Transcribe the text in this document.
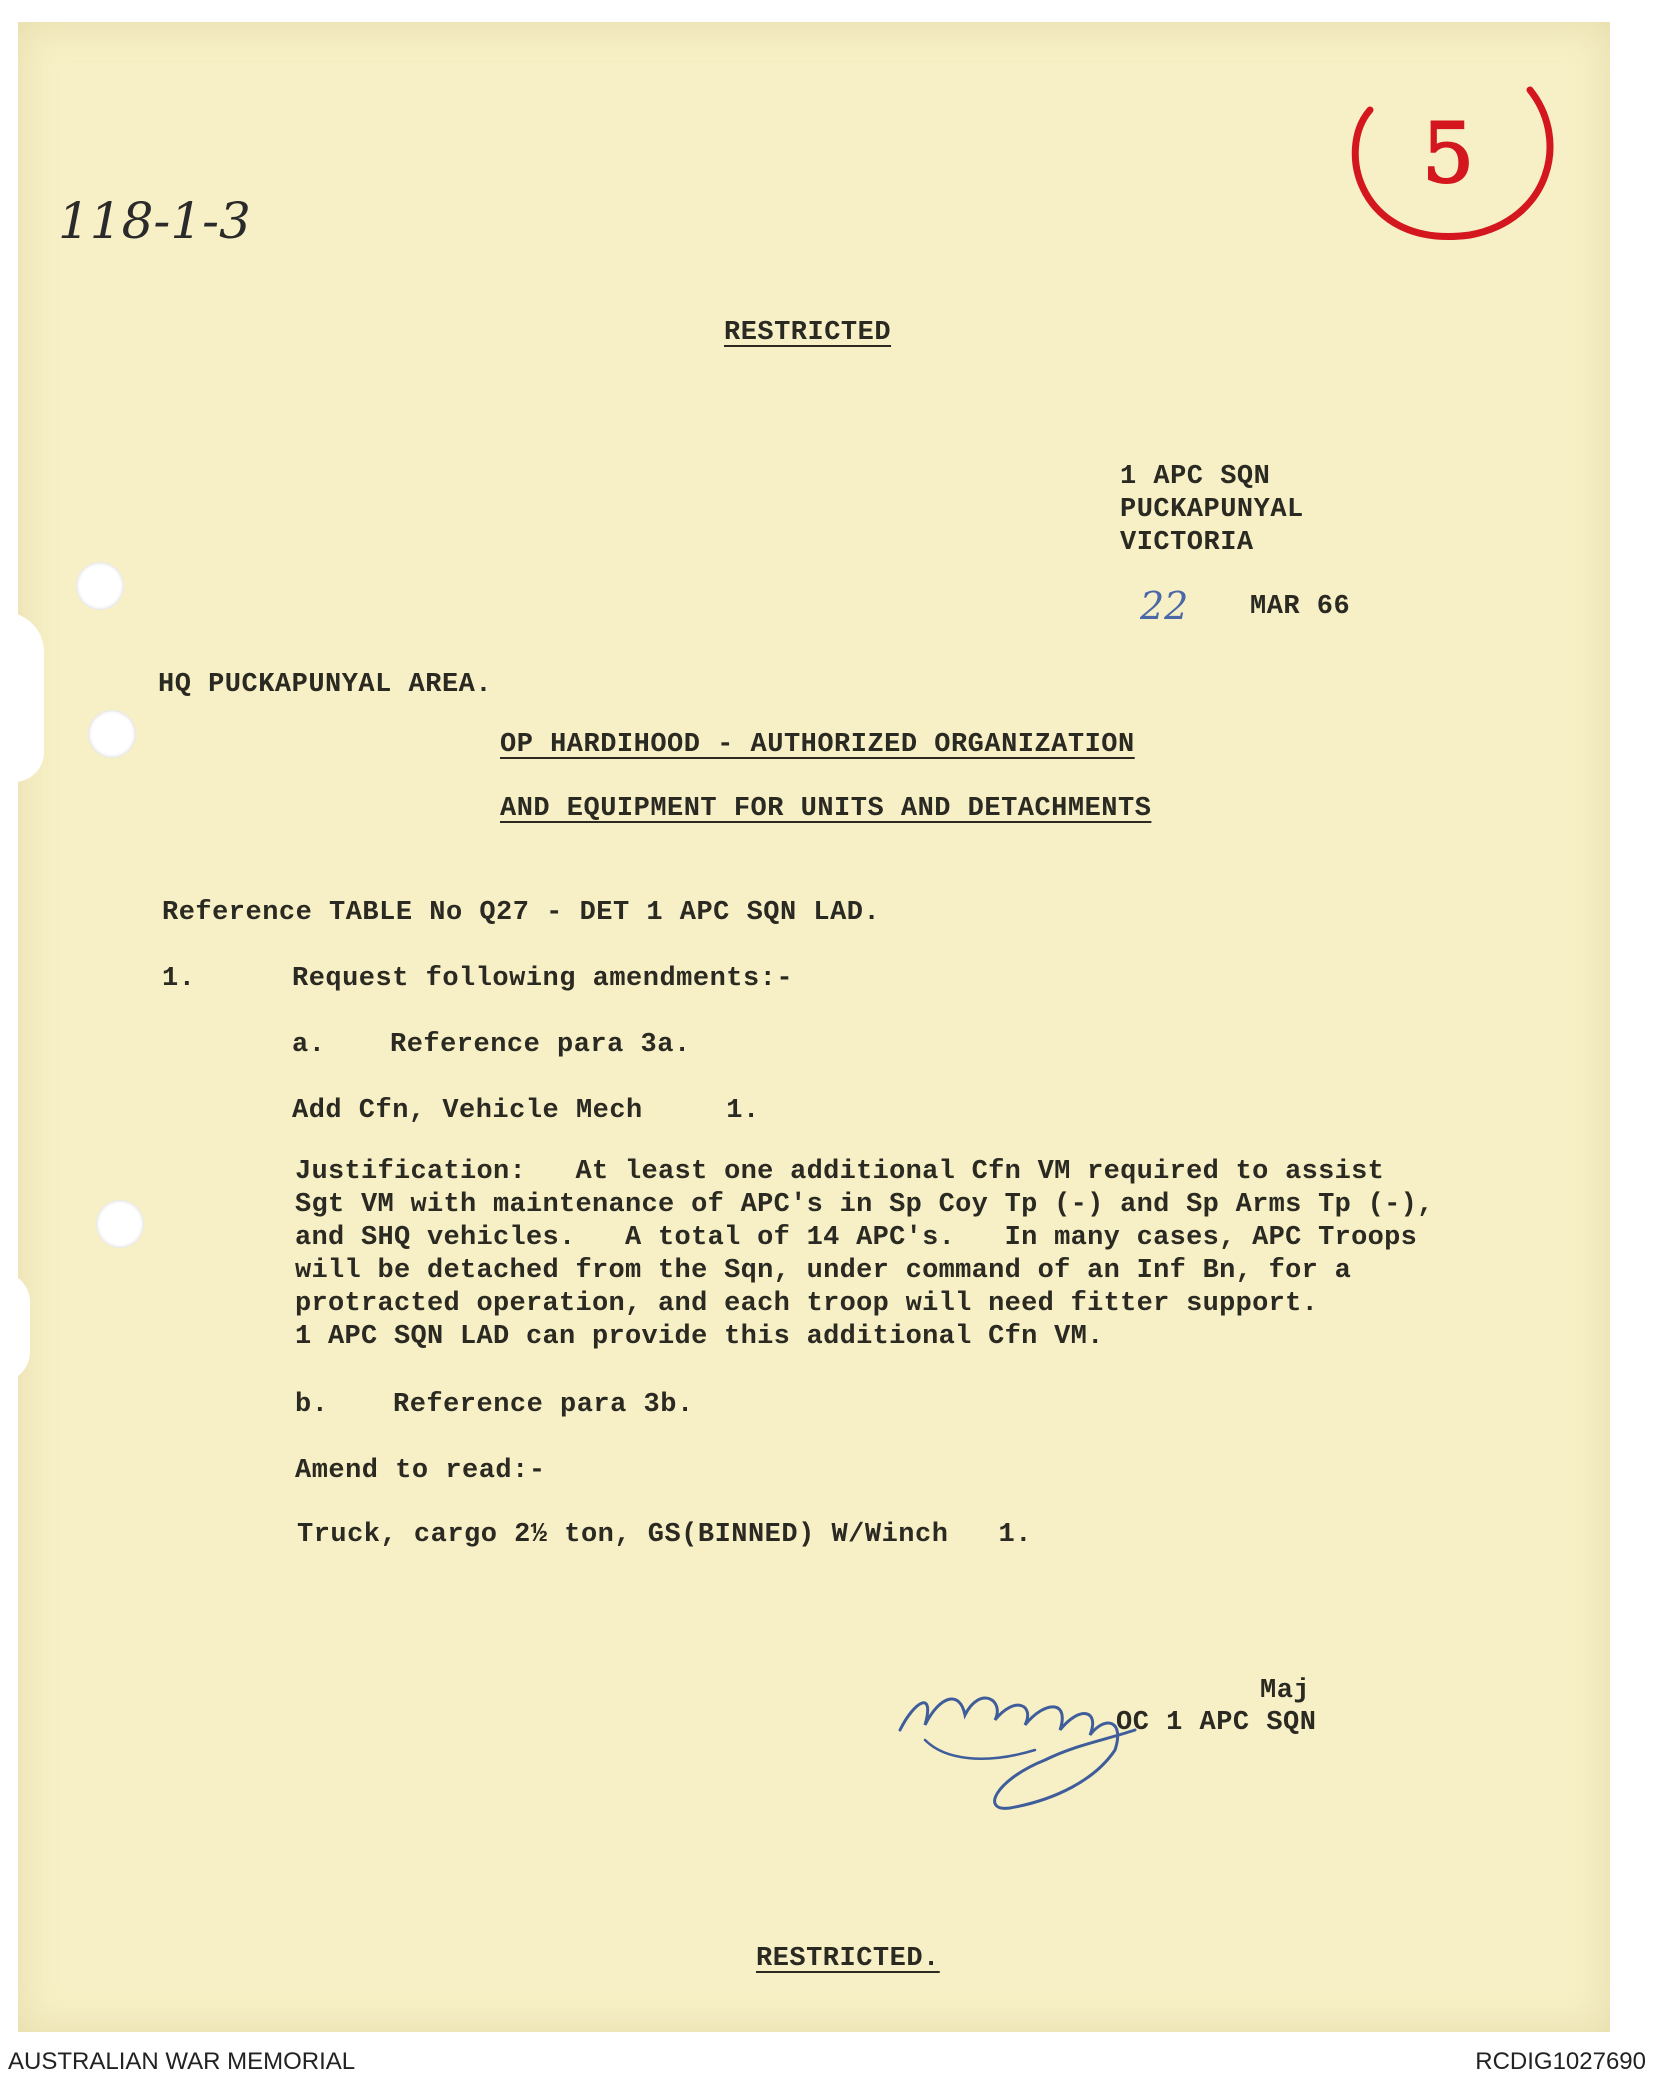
118-1-3
5
RESTRICTED
1 APC SQN
PUCKAPUNYAL
VICTORIA
22 MAR 66
HQ PUCKAPUNYAL AREA.
OP HARDIHOOD - AUTHORIZED ORGANIZATION
AND EQUIPMENT FOR UNITS AND DETACHMENTS
Reference TABLE No Q27 - DET 1 APC SQN LAD.
1.	Request following amendments:-
a. Reference para 3a.
Add Cfn, Vehicle Mech     1.
Justification:   At least one additional Cfn VM required to assist
Sgt VM with maintenance of APC's in Sp Coy Tp (-) and Sp Arms Tp (-),
and SHQ vehicles.   A total of 14 APC's.   In many cases, APC Troops
will be detached from the Sqn, under command of an Inf Bn, for a
protracted operation, and each troop will need fitter support.
1 APC SQN LAD can provide this additional Cfn VM.
b. Reference para 3b.
Amend to read:-
Truck, cargo 2½ ton, GS(BINNED) W/Winch   1.
Maj
OC 1 APC SQN
RESTRICTED.
AUSTRALIAN WAR MEMORIAL	RCDIG1027690
